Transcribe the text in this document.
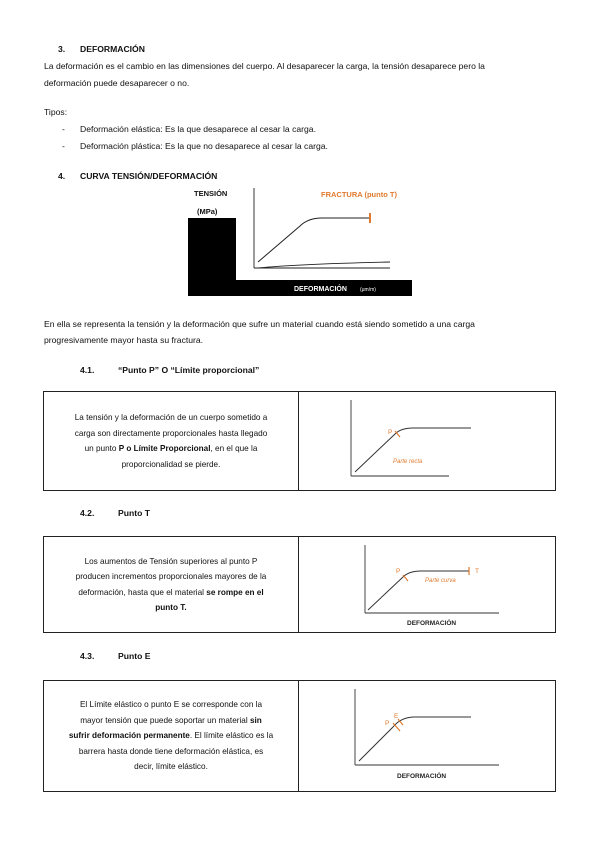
3. DEFORMACIÓN
La deformación es el cambio en las dimensiones del cuerpo. Al desaparecer la carga, la tensión desaparece pero la
deformación puede desaparecer o no.
Tipos:
- Deformación elástica: Es la que desaparece al cesar la carga.
- Deformación plástica: Es la que no desaparece al cesar la carga.
4. CURVA TENSIÓN/DEFORMACIÓN
TENSIÓN
(MPa)
FRACTURA (punto T)
DEFORMACIÓN	(μm/m)
En ella se representa la tensión y la deformación que sufre un material cuando está siendo sometido a una carga
progresivamente mayor hasta su fractura.
4.1.	“Punto P” O “Límite proporcional”
La tensión y la deformación de un cuerpo sometido a
carga son directamente proporcionales hasta llegado
un punto P o Límite Proporcional, en el que la
proporcionalidad se pierde.
P
Parte recta
4.2.	Punto T
Los aumentos de Tensión superiores al punto P
producen incrementos proporcionales mayores de la
deformación, hasta que el material se rompe en el
punto T.
P	T
Parte curva
DEFORMACIÓN
4.3.	Punto E
El Límite elástico o punto E se corresponde con la
mayor tensión que puede soportar un material sin
sufrir deformación permanente. El límite elástico es la
barrera hasta donde tiene deformación elástica, es
decir, límite elástico.
P
E
DEFORMACIÓN
